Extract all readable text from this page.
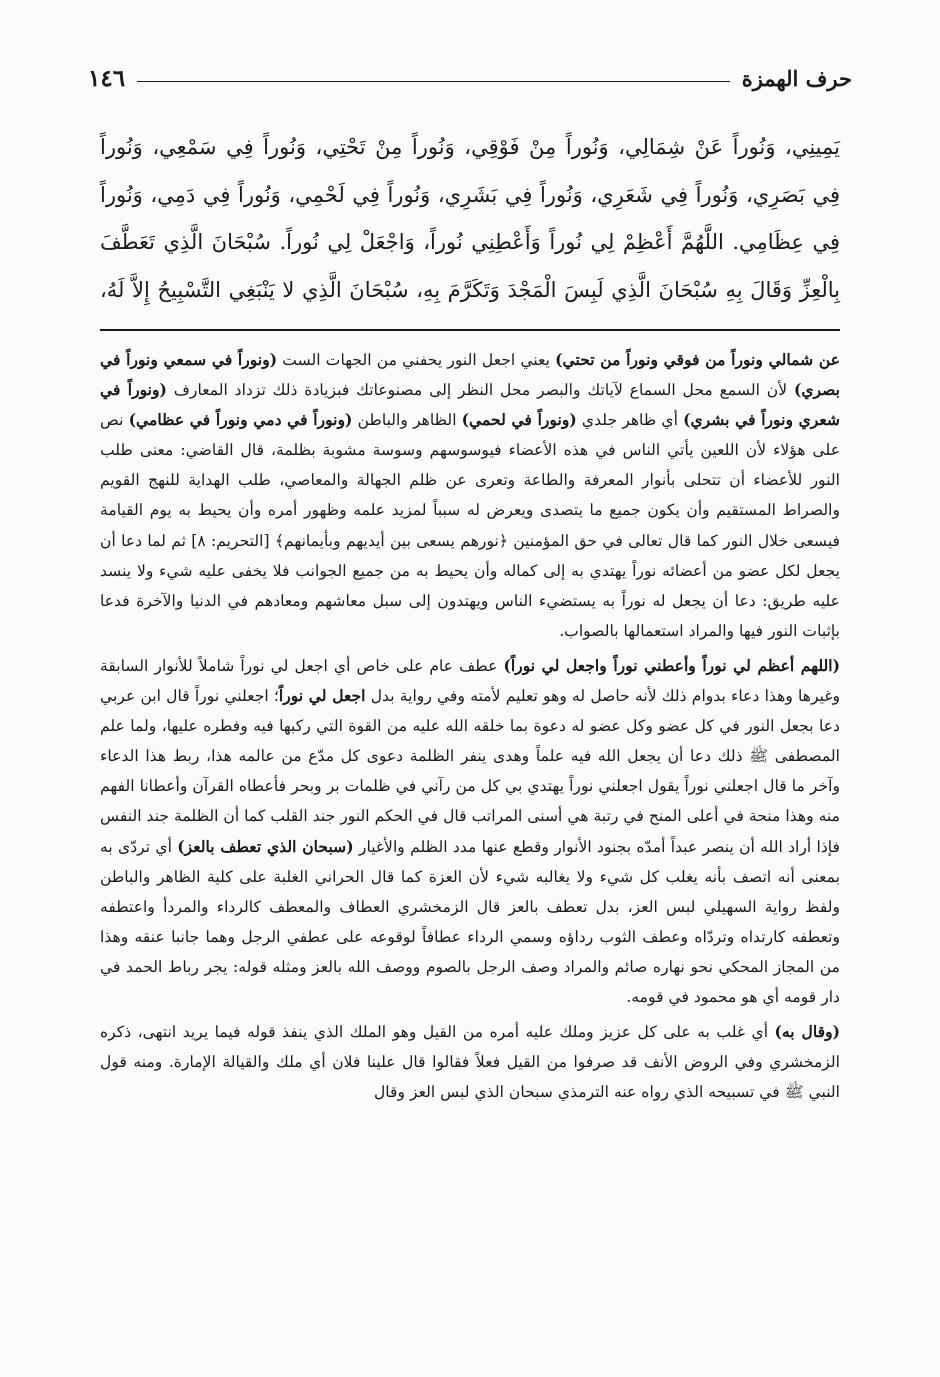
حرف الهمزة
١٤٦

يَمِينِي، وَنُوراً عَنْ شِمَالِي، وَنُوراً مِنْ فَوْقِي، وَنُوراً مِنْ تَحْتِي، وَنُوراً فِي سَمْعِي، وَنُوراً

فِي بَصَرِي، وَنُوراً فِي شَعَرِي، وَنُوراً فِي بَشَرِي، وَنُوراً فِي لَحْمِي، وَنُوراً فِي دَمِي، وَنُوراً

فِي عِظَامِي. اللَّهُمَّ أَعْظِمْ لِي نُوراً وَأَعْطِنِي نُوراً، وَاجْعَلْ لِي نُوراً. سُبْحَانَ الَّذِي تَعَطَّفَ

بِالْعِزِّ وَقَالَ بِهِ سُبْحَانَ الَّذِي لَبِسَ الْمَجْدَ وَتَكَرَّمَ بِهِ، سُبْحَانَ الَّذِي لا يَنْبَغِي التَّسْبِيحُ إِلاَّ لَهُ،

عن شمالي ونوراً من فوقي ونوراً من تحتي) يعني اجعل النور يحفني من الجهات الست (ونوراً في سمعي ونوراً في بصري) لأن السمع محل السماع لآياتك والبصر محل النظر إلى مصنوعاتك فبزيادة ذلك تزداد المعارف (ونوراً في شعري ونوراً في بشري) أي ظاهر جلدي (ونوراً في لحمي) الظاهر والباطن (ونوراً في دمي ونوراً في عظامي) نص على هؤلاء لأن اللعين يأتي الناس في هذه الأعضاء فيوسوسهم وسوسة مشوبة بظلمة، قال القاضي: معنى طلب النور للأعضاء أن تتحلى بأنوار المعرفة والطاعة وتعرى عن ظلم الجهالة والمعاصي، طلب الهداية للنهج القويم والصراط المستقيم وأن يكون جميع ما يتصدى ويعرض له سبباً لمزيد علمه وظهور أمره وأن يحيط به يوم القيامة فيسعى خلال النور كما قال تعالى في حق المؤمنين ﴿نورهم يسعى بين أيديهم وبأيمانهم﴾ [التحريم: ٨] ثم لما دعا أن يجعل لكل عضو من أعضائه نوراً يهتدي به إلى كماله وأن يحيط به من جميع الجوانب فلا يخفى عليه شيء ولا ينسد عليه طريق: دعا أن يجعل له نوراً به يستضيء الناس ويهتدون إلى سبل معاشهم ومعادهم في الدنيا والآخرة فدعا بإثبات النور فيها والمراد استعمالها بالصواب.

(اللهم أعظم لي نوراً وأعطني نوراً واجعل لي نوراً) عطف عام على خاص أي اجعل لي نوراً شاملاً للأنوار السابقة وغيرها وهذا دعاء بدوام ذلك لأنه حاصل له وهو تعليم لأمته وفي رواية بدل اجعل لي نوراً؛ اجعلني نوراً قال ابن عربي دعا بجعل النور في كل عضو وكل عضو له دعوة بما خلقه الله عليه من القوة التي ركبها فيه وفطره عليها، ولما علم المصطفى ﷺ ذلك دعا أن يجعل الله فيه علماً وهدى ينفر الظلمة دعوى كل مدّع من عالمه هذا، ربط هذا الدعاء وآخر ما قال اجعلني نوراً يقول اجعلني نوراً يهتدي بي كل من رآني في ظلمات بر وبحر فأعطاه القرآن وأعطانا الفهم منه وهذا منحة في أعلى المنح في رتبة هي أسنى المراتب قال في الحكم النور جند القلب كما أن الظلمة جند النفس فإذا أراد الله أن ينصر عبداً أمدّه بجنود الأنوار وقطع عنها مدد الظلم والأغيار (سبحان الذي تعطف بالعز) أي تردّى به بمعنى أنه اتصف بأنه يغلب كل شيء ولا يغالبه شيء لأن العزة كما قال الحراني الغلبة على كلية الظاهر والباطن ولفظ رواية السهيلي لبس العز، بدل تعطف بالعز قال الزمخشري العطاف والمعطف كالرداء والمردأ واعتطفه وتعطفه كارتداه وتردّاه وعطف الثوب رداؤه وسمي الرداء عطافاً لوقوعه على عطفي الرجل وهما جانبا عنقه وهذا من المجاز المحكي نحو نهاره صائم والمراد وصف الرجل بالصوم ووصف الله بالعز ومثله قوله: يجر رباط الحمد في دار قومه أي هو محمود في قومه.

(وقال به) أي غلب به على كل عزيز وملك عليه أمره من القيل وهو الملك الذي ينفذ قوله فيما يريد انتهى، ذكره الزمخشري وفي الروض الأنف قد صرفوا من القيل فعلاً فقالوا قال علينا فلان أي ملك والقيالة الإمارة. ومنه قول النبي ﷺ في تسبيحه الذي رواه عنه الترمذي سبحان الذي لبس العز وقال
